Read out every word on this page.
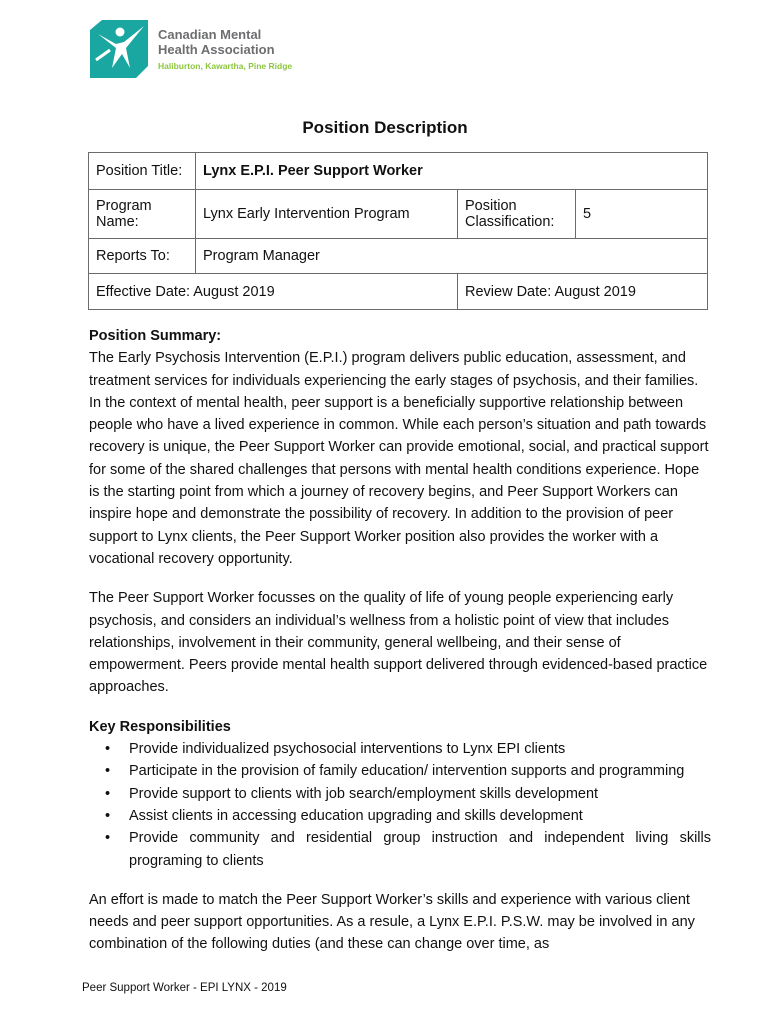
Canadian Mental
Health Association
Haliburton, Kawartha, Pine Ridge
Position Description
Position Title:	Lynx E.P.I. Peer Support Worker		
Program Name:	Lynx Early Intervention Program	Position Classification:	5
Reports To:	Program Manager		
Effective Date: August 2019		Review Date: August 2019	

Position Summary:

The Early Psychosis Intervention (E.P.I.) program delivers public education, assessment, and treatment services for individuals experiencing the early stages of psychosis, and their families. In the context of mental health, peer support is a beneficially supportive relationship between people who have a lived experience in common. While each person’s situation and path towards recovery is unique, the Peer Support Worker can provide emotional, social, and practical support for some of the shared challenges that persons with mental health conditions experience. Hope is the starting point from which a journey of recovery begins, and Peer Support Workers can inspire hope and demonstrate the possibility of recovery. In addition to the provision of peer support to Lynx clients, the Peer Support Worker position also provides the worker with a vocational recovery opportunity.

The Peer Support Worker focusses on the quality of life of young people experiencing early psychosis, and considers an individual’s wellness from a holistic point of view that includes relationships, involvement in their community, general wellbeing, and their sense of empowerment. Peers provide mental health support delivered through evidenced-based practice approaches.

Key Responsibilities

• Provide individualized psychosocial interventions to Lynx EPI clients
• Participate in the provision of family education/ intervention supports and programming
• Provide support to clients with job search/employment skills development
• Assist clients in accessing education upgrading and skills development
• Provide community and residential group instruction and independent living skills programing to clients

An effort is made to match the Peer Support Worker’s skills and experience with various client needs and peer support opportunities. As a resule, a Lynx E.P.I. P.S.W. may be involved in any combination of the following duties (and these can change over time, as

Peer Support Worker - EPI LYNX - 2019
